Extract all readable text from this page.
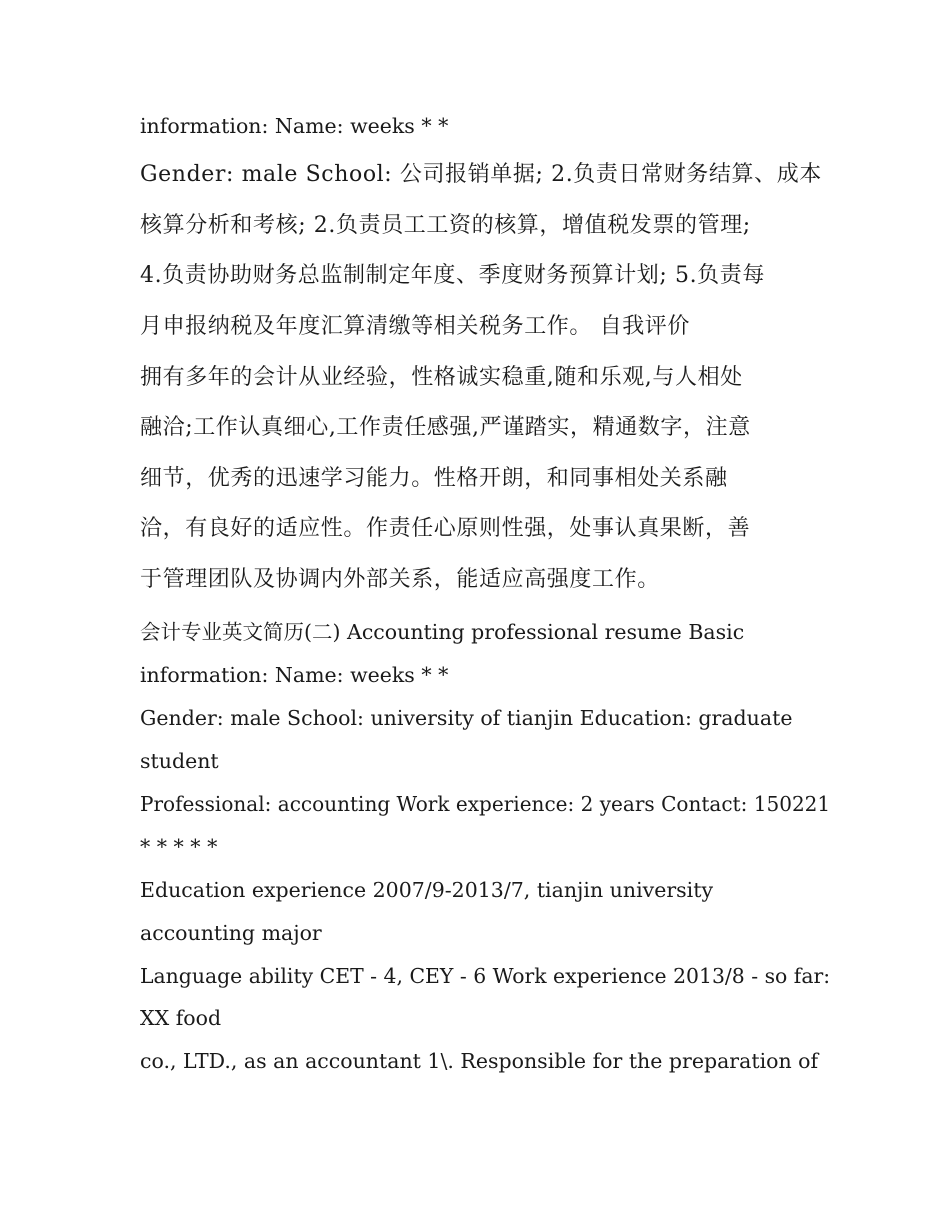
information: Name: weeks * *
Gender: male School: 公司报销单据; 2.负责日常财务结算、成本
核算分析和考核; 2.负责员工工资的核算，增值税发票的管理;
4.负责协助财务总监制制定年度、季度财务预算计划; 5.负责每
月申报纳税及年度汇算清缴等相关税务工作。 自我评价
拥有多年的会计从业经验，性格诚实稳重,随和乐观,与人相处
融洽;工作认真细心,工作责任感强,严谨踏实，精通数字，注意
细节，优秀的迅速学习能力。性格开朗，和同事相处关系融
洽，有良好的适应性。作责任心原则性强，处事认真果断，善
于管理团队及协调内外部关系，能适应高强度工作。
会计专业英文简历(二) Accounting professional resume Basic
information: Name: weeks * *
Gender: male School: university of tianjin Education: graduate
student
Professional: accounting Work experience: 2 years Contact: 150221
* * * * *
Education experience 2007/9-2013/7, tianjin university
accounting major
Language ability CET - 4, CEY - 6 Work experience 2013/8 - so far:
XX food
co., LTD., as an accountant 1\. Responsible for the preparation of
